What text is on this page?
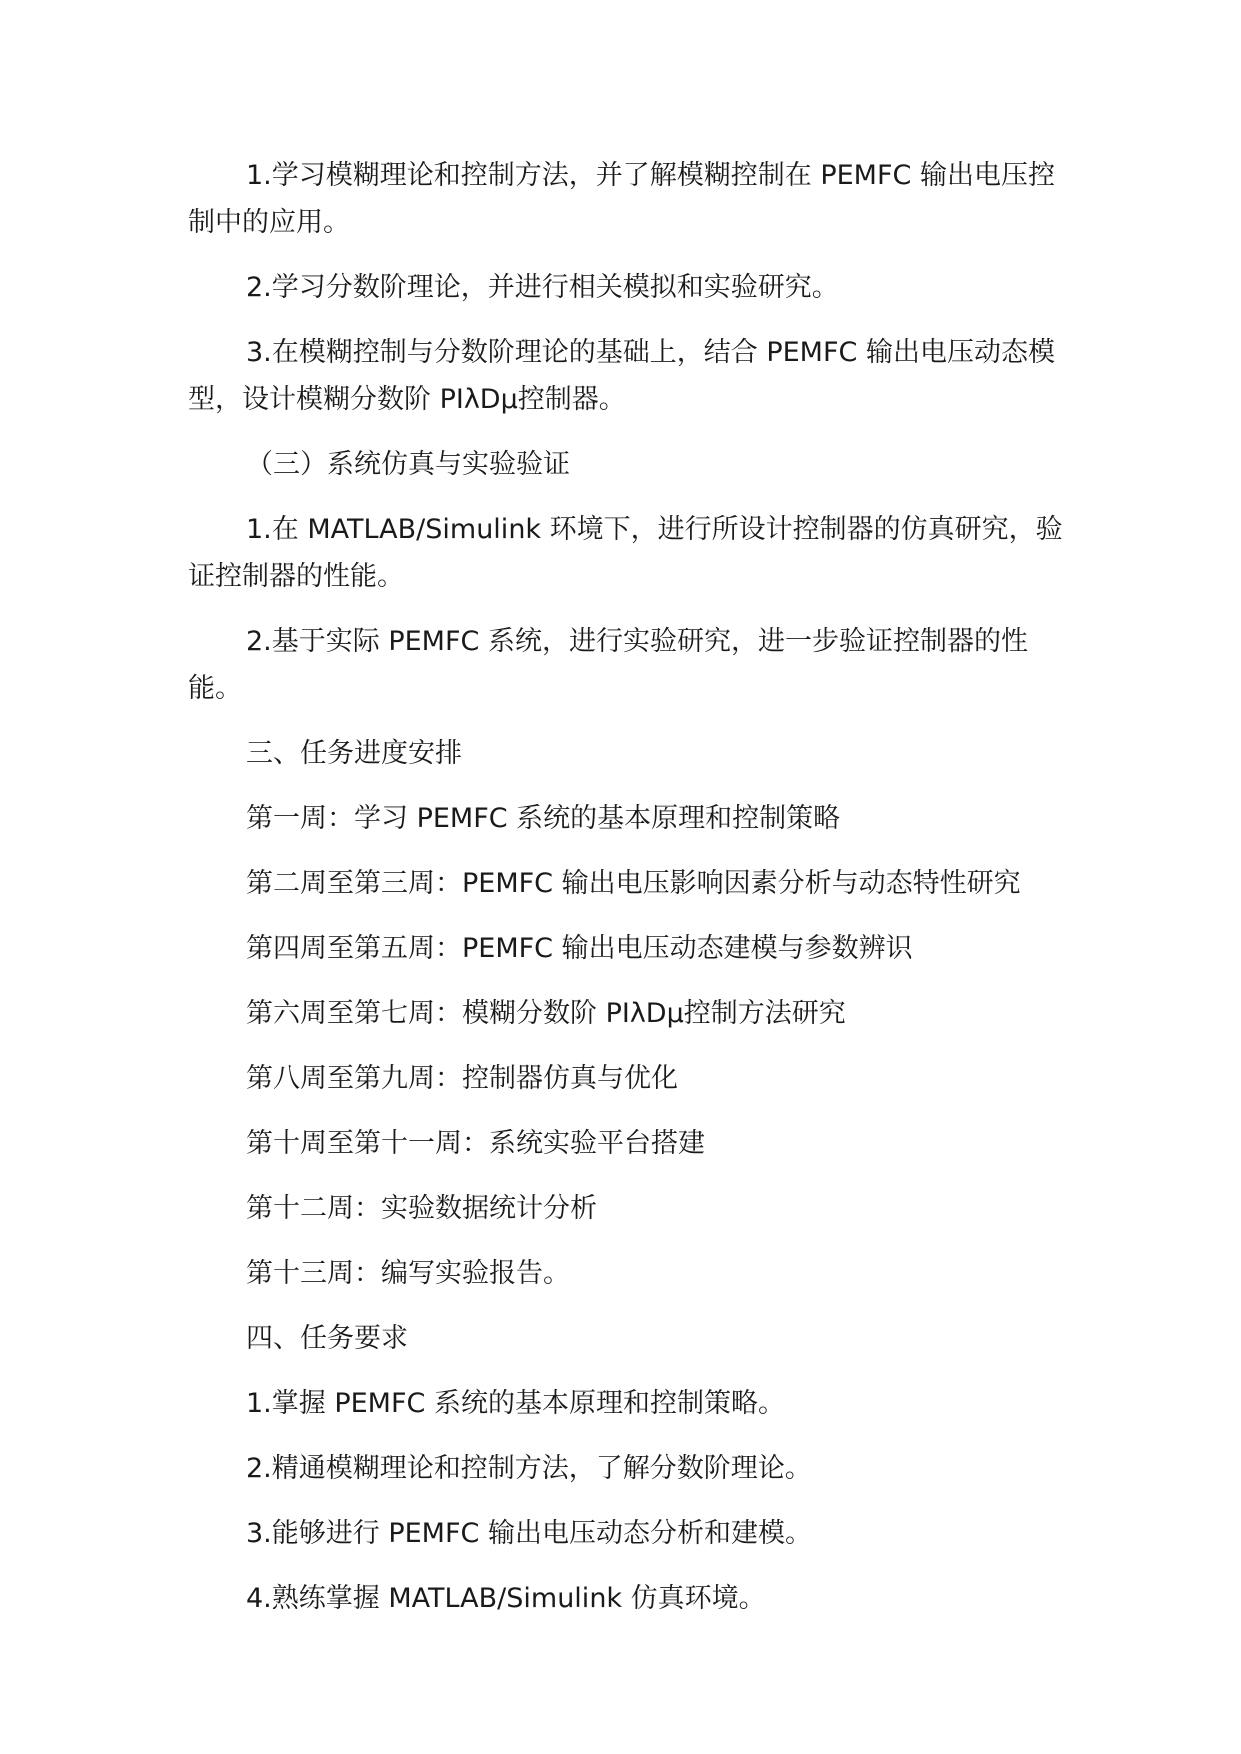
1.学习模糊理论和控制方法，并了解模糊控制在 PEMFC 输出电压控制中的应用。

2.学习分数阶理论，并进行相关模拟和实验研究。

3.在模糊控制与分数阶理论的基础上，结合 PEMFC 输出电压动态模型，设计模糊分数阶 PIλDμ控制器。

（三）系统仿真与实验验证

1.在 MATLAB/Simulink 环境下，进行所设计控制器的仿真研究，验证控制器的性能。

2.基于实际 PEMFC 系统，进行实验研究，进一步验证控制器的性能。

三、任务进度安排

第一周：学习 PEMFC 系统的基本原理和控制策略

第二周至第三周：PEMFC 输出电压影响因素分析与动态特性研究

第四周至第五周：PEMFC 输出电压动态建模与参数辨识

第六周至第七周：模糊分数阶 PIλDμ控制方法研究

第八周至第九周：控制器仿真与优化

第十周至第十一周：系统实验平台搭建

第十二周：实验数据统计分析

第十三周：编写实验报告。

四、任务要求

1.掌握 PEMFC 系统的基本原理和控制策略。

2.精通模糊理论和控制方法，了解分数阶理论。

3.能够进行 PEMFC 输出电压动态分析和建模。

4.熟练掌握 MATLAB/Simulink 仿真环境。
